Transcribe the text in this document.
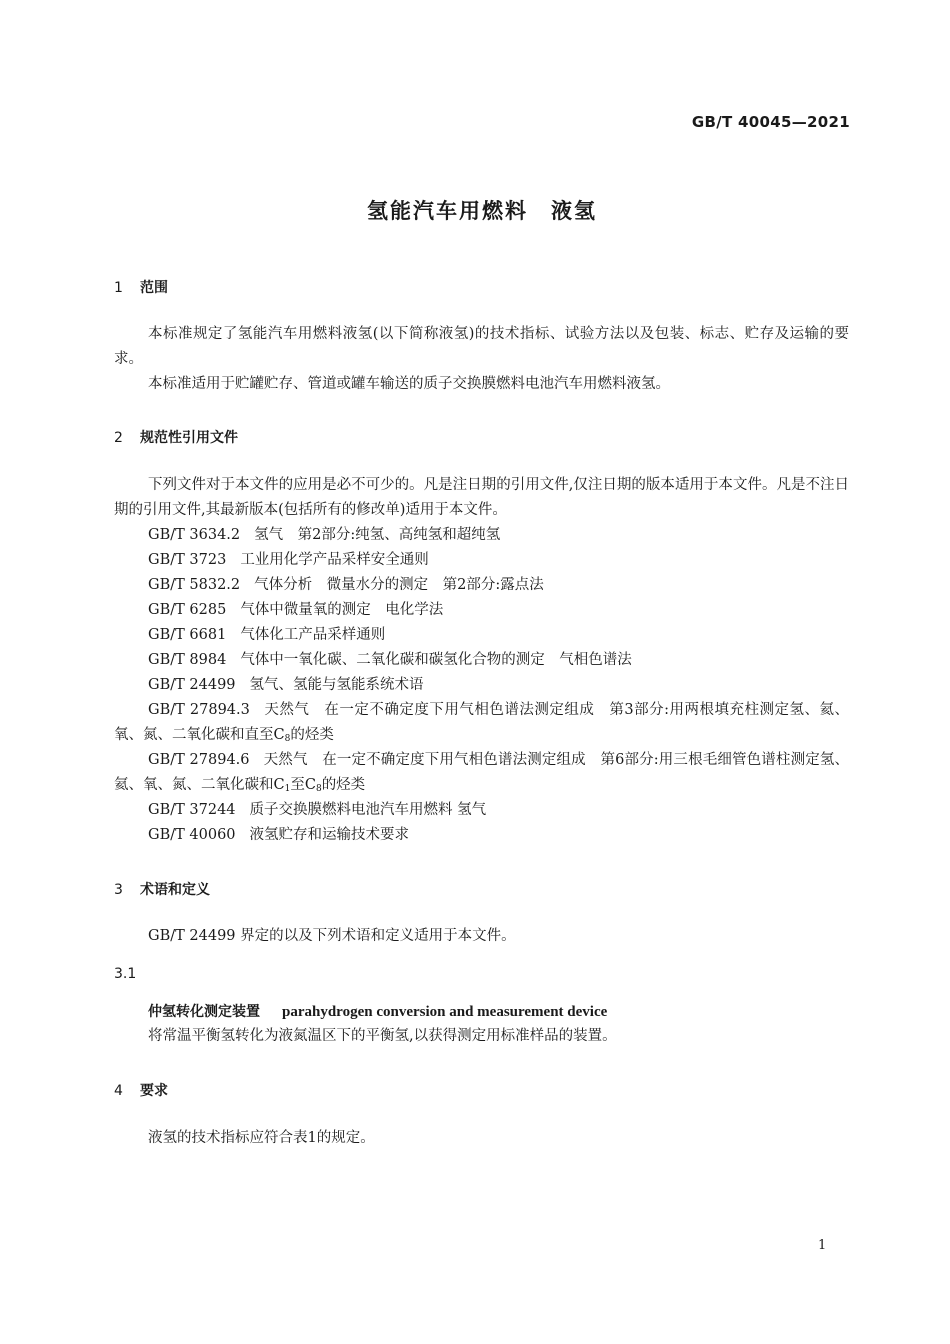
GB/T 40045—2021
氢能汽车用燃料　液氢
1 范围
本标准规定了氢能汽车用燃料液氢(以下简称液氢)的技术指标、试验方法以及包装、标志、贮存及运输的要求。
本标准适用于贮罐贮存、管道或罐车输送的质子交换膜燃料电池汽车用燃料液氢。
2 规范性引用文件
下列文件对于本文件的应用是必不可少的。凡是注日期的引用文件,仅注日期的版本适用于本文件。凡是不注日期的引用文件,其最新版本(包括所有的修改单)适用于本文件。
GB/T 3634.2 氢气　第2部分:纯氢、高纯氢和超纯氢
GB/T 3723 工业用化学产品采样安全通则
GB/T 5832.2 气体分析　微量水分的测定　第2部分:露点法
GB/T 6285 气体中微量氧的测定　电化学法
GB/T 6681 气体化工产品采样通则
GB/T 8984 气体中一氧化碳、二氧化碳和碳氢化合物的测定　气相色谱法
GB/T 24499 氢气、氢能与氢能系统术语
GB/T 27894.3 天然气　在一定不确定度下用气相色谱法测定组成　第3部分:用两根填充柱测定氢、氦、氧、氮、二氧化碳和直至$C_8$的烃类
GB/T 27894.6 天然气　在一定不确定度下用气相色谱法测定组成　第6部分:用三根毛细管色谱柱测定氢、氦、氧、氮、二氧化碳和$C_1$至$C_8$的烃类
GB/T 37244 质子交换膜燃料电池汽车用燃料 氢气
GB/T 40060 液氢贮存和运输技术要求
3 术语和定义
GB/T 24499 界定的以及下列术语和定义适用于本文件。
3.1
仲氢转化测定装置 parahydrogen conversion and measurement device
将常温平衡氢转化为液氮温区下的平衡氢,以获得测定用标准样品的装置。
4 要求
液氢的技术指标应符合表1的规定。
1
